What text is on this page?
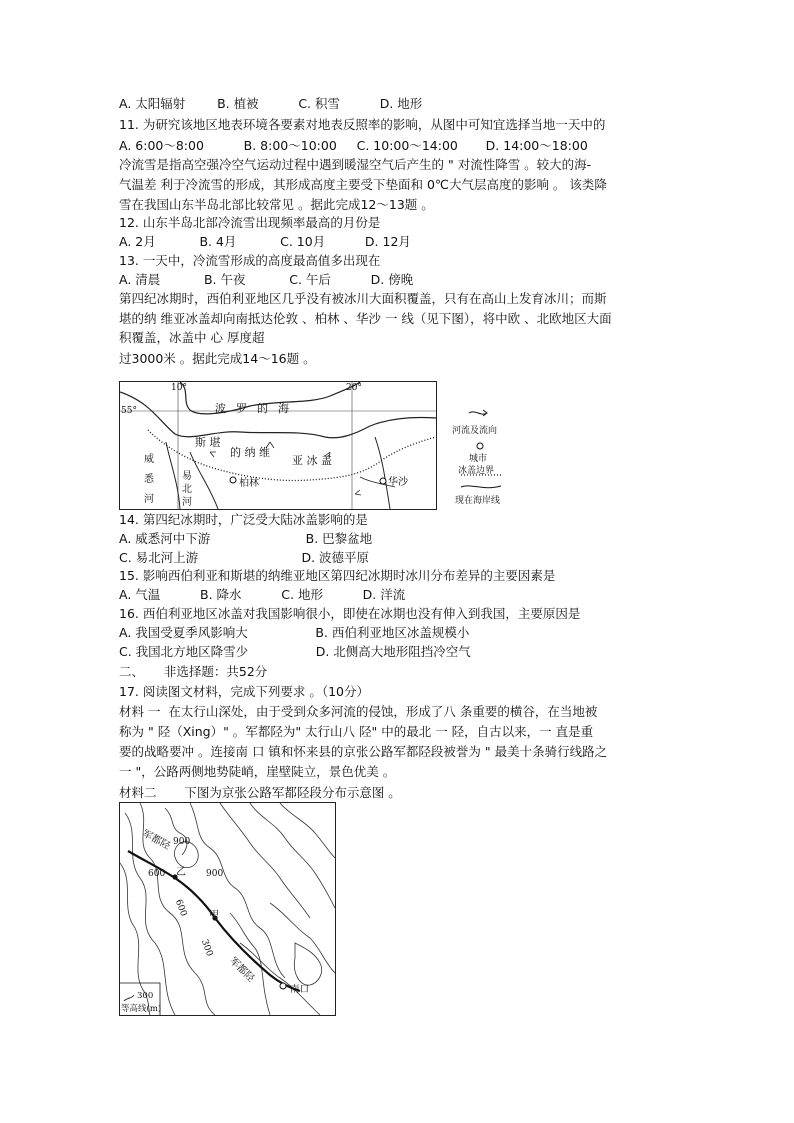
A. 太阳辐射        B. 植被          C. 积雪          D. 地形
11. 为研究该地区地表环境各要素对地表反照率的影响，从图中可知宜选择当地一天中的
A. 6:00～8:00          B. 8:00～10:00     C. 10:00～14:00       D. 14:00～18:00
冷流雪是指高空强冷空气运动过程中遇到暖湿空气后产生的 " 对流性降雪 。较大的海-
气温差 利于冷流雪的形成，其形成高度主要受下垫面和 0℃大气层高度的影响 。 该类降
雪在我国山东半岛北部比较常见 。据此完成12～13题 。
12. 山东半岛北部冷流雪出现频率最高的月份是
A. 2月           B. 4月           C. 10月          D. 12月
13. 一天中，冷流雪形成的高度最高值多出现在
A. 清晨           B. 午夜           C. 午后          D. 傍晚
第四纪冰期时，西伯利亚地区几乎没有被冰川大面积覆盖，只有在高山上发育冰川；而斯
堪的纳 维亚冰盖却向南抵达伦敦 、柏林 、华沙 一 线（见下图），将中欧 、北欧地区大面
积覆盖，冰盖中 心 厚度超
过3000米 。据此完成14～16题 。
10°	20°
55°	波罗的海
斯 堪
的 纳 维
亚 冰 盖
威
悉
河
易
北
河
柏林	华沙
河流及流向
城市
冰盖边界
现在海岸线
14. 第四纪冰期时，广泛受大陆冰盖影响的是
A. 威悉河中下游                        B. 巴黎盆地
C. 易北河上游                          D. 波德平原
15. 影响西伯利亚和斯堪的纳维亚地区第四纪冰期时冰川分布差异的主要因素是
A. 气温          B. 降水          C. 地形          D. 洋流
16. 西伯利亚地区冰盖对我国影响很小，即使在冰期也没有伸入到我国，主要原因是
A. 我国受夏季风影响大                 B. 西伯利亚地区冰盖规模小
C. 我国北方地区降雪少                 D. 北侧高大地形阻挡冷空气
二、     非选择题：共52分
17. 阅读图文材料，完成下列要求 。（10分）
材料 一  在太行山深处，由于受到众多河流的侵蚀，形成了八 条重要的横谷，在当地被
称为 " 陉（Xing）" 。军都陉为" 太行山八 陉" 中的最北 一 陉，自古以来，一 直是重
要的战略要冲 。连接南 口 镇和怀来县的京张公路军都陉段被誉为 " 最美十条骑行线路之
一 "，公路两侧地势陡峭，崖壁陡立，景色优美 。
材料二       下图为京张公路军都陉段分布示意图 。
军都陉
军都陉
900
900
600
600
300
甲
乙
南口
300
等高线(m)
